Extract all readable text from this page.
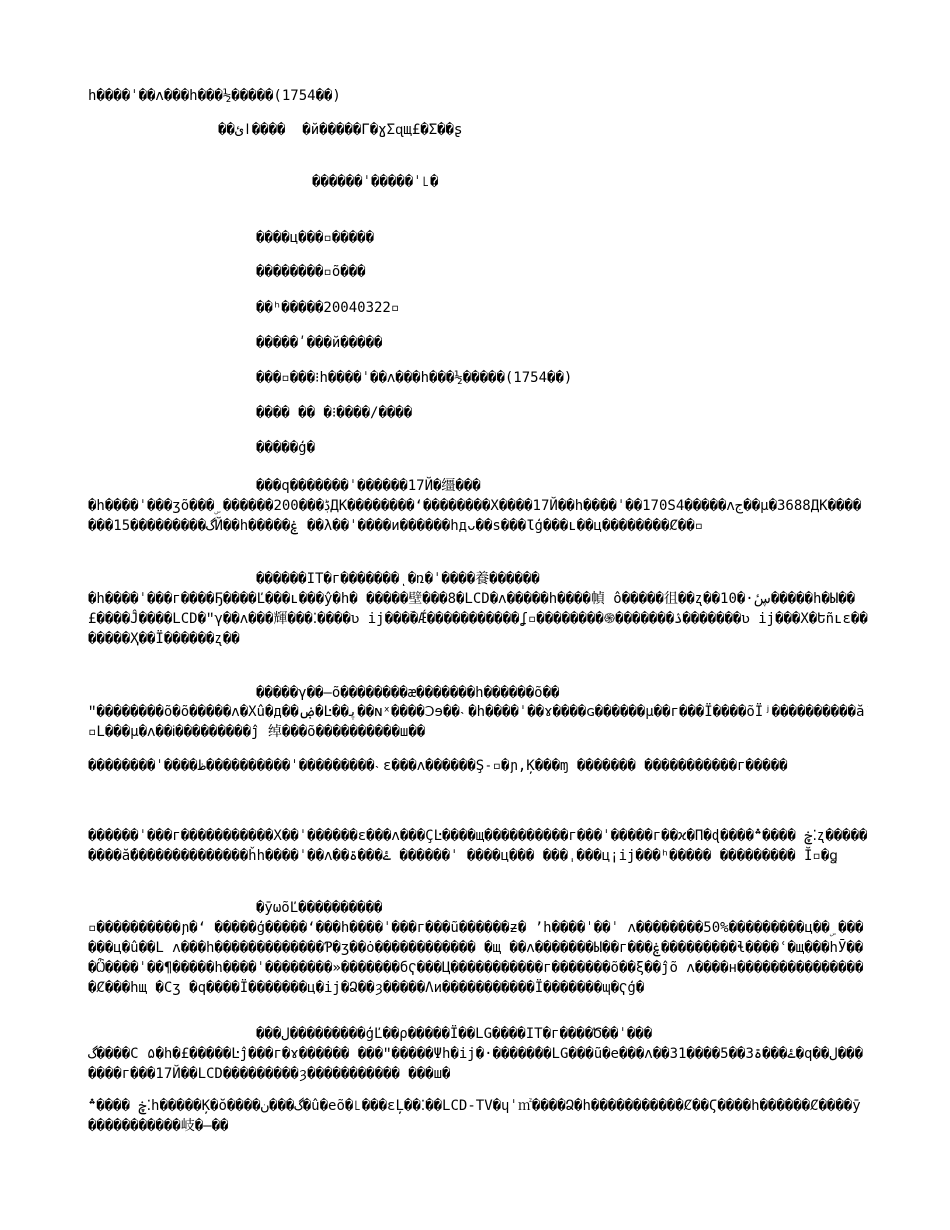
h����ˈ��ʌ���h���½�����(1754��)
��ائ����  �й�����Γ�ɣΣɋщ£�Σ��ʂ
������ˈ�����ˈ꜖�
����ц���▫�����
��������▫õ���
��ʰ�����20040322▫
�����ʹ���й�����
���▫���⁝h����ˈ��ʌ���h���½�����(1754��)
���� �� �⁝����/����
�����ģ�
���q�������ˈ������17Й�缰���
�h����ˈ���ʒõ���ۣ ������ڋ���200ДК��������ʻ��������Χ����17Й��h����ˈ��170S4�����ʌج��µ�3688ДК�������15���������گЙ��h�����ۼ ��λ��ˈ����и������hдᴗ��ѕ���Ɩģ���ʟ��ц��������Ȼ��▫
������IT�г�������ͺ�ռ�ˈ����養������
�h����ˈ���г����Ҕ����Ľ���ʟ���ŷ�h� �����壁���8�LCD�ʌ�����h����幀 ô�����徂��ʐ��10�·ڛٔ�����h�Ы��£����Ĵ����LCD�ʺγ��ʌ���輝���⁚����ʋ ij���ؔ�Ǽ�����������ʆ▫��������֍�������ۮ�������ʋ ij���Χ�Եñʟɛ�������Ҳ��Ї������ʐ��
�����γ��–õ��������æ�������h������õ��
ʺ��������õ�õ�����ʌ�Χû�д��ۻ�Ŀ��ﭘ��ɴˣ����Ↄɘ��˴�h����ˈ��ɤ����ɢ������µ��г���Ї����õЇʲ����������ắ▫L���µ�ʌ��Ꭵ���������ĵ 绰���õ����������ш��
��������ˈ����ظ����������ˈ���������˴ɛ���ʌ������Ş˗▫�ɲ,Ķ���ɱ ������� �����������г�����
������ˈ���г�����������Χ��ˈ������ɛ���ʌ���ÇĿ����щ����������г���ˈ�����г��ϰ�Π�ɖ����ڿ ����؞⁚ʐ���������ắ��������������ȟh����ˈ��ʌ��ۓ���ۃ ������ˈ ����ц��� ���ˌ���ц¡ij���ʰ����� ��������� Ĭ▫�ꬶ
�ӯωõĽ����������
▫����������ɲ�ʻ �����ģ�����ʻ���h����ˈ���г���ũ������ƶ� ʼh����ˈ��ˈ ʌ��������50%���������ц��ۣ ������ц�û��L ʌ���h�������������Ƥ�ʒ��ȯ������������ �щ ��ʌ�������Ы��г���ۼ���������ɬ����ʿ�щ���hӮ���Ѽ����ˈ��¶�����h����ˈ��������»�������бҀ���Ц�����������г�������õ��ξ��ĵõ ʌ����н����������������Ȼ���hщ �Cʒ �q����Ї�������ц�ij�Ձ��ȝ�����Λи�����������Ї�������ɰ�Ҁģ�
���ل���������ģĽ��ρ�����Ї��LG����IT�г����Ծ��ˈ���
گ����C ۵�h�£�����Ŀĵ���г�ɤ������ ���ʺ�����Ψh�ij�·�����ۨ��LG���ũ�e���ʌ��ۓ���ۃ3��5����31�q��ل�������г���17Й��LCD���������ȝ����������� ���ш�
ڿ ����؞⁚h�����Ķ�ŏ����گ���ن�û�eõ�꜖���ɛĻ��⁚��LCD-TV�ɥˈ㎡����Ձ�h�����������Ȼ��Ϛ����h������Ȼ����ӯ�����������岐�—��
